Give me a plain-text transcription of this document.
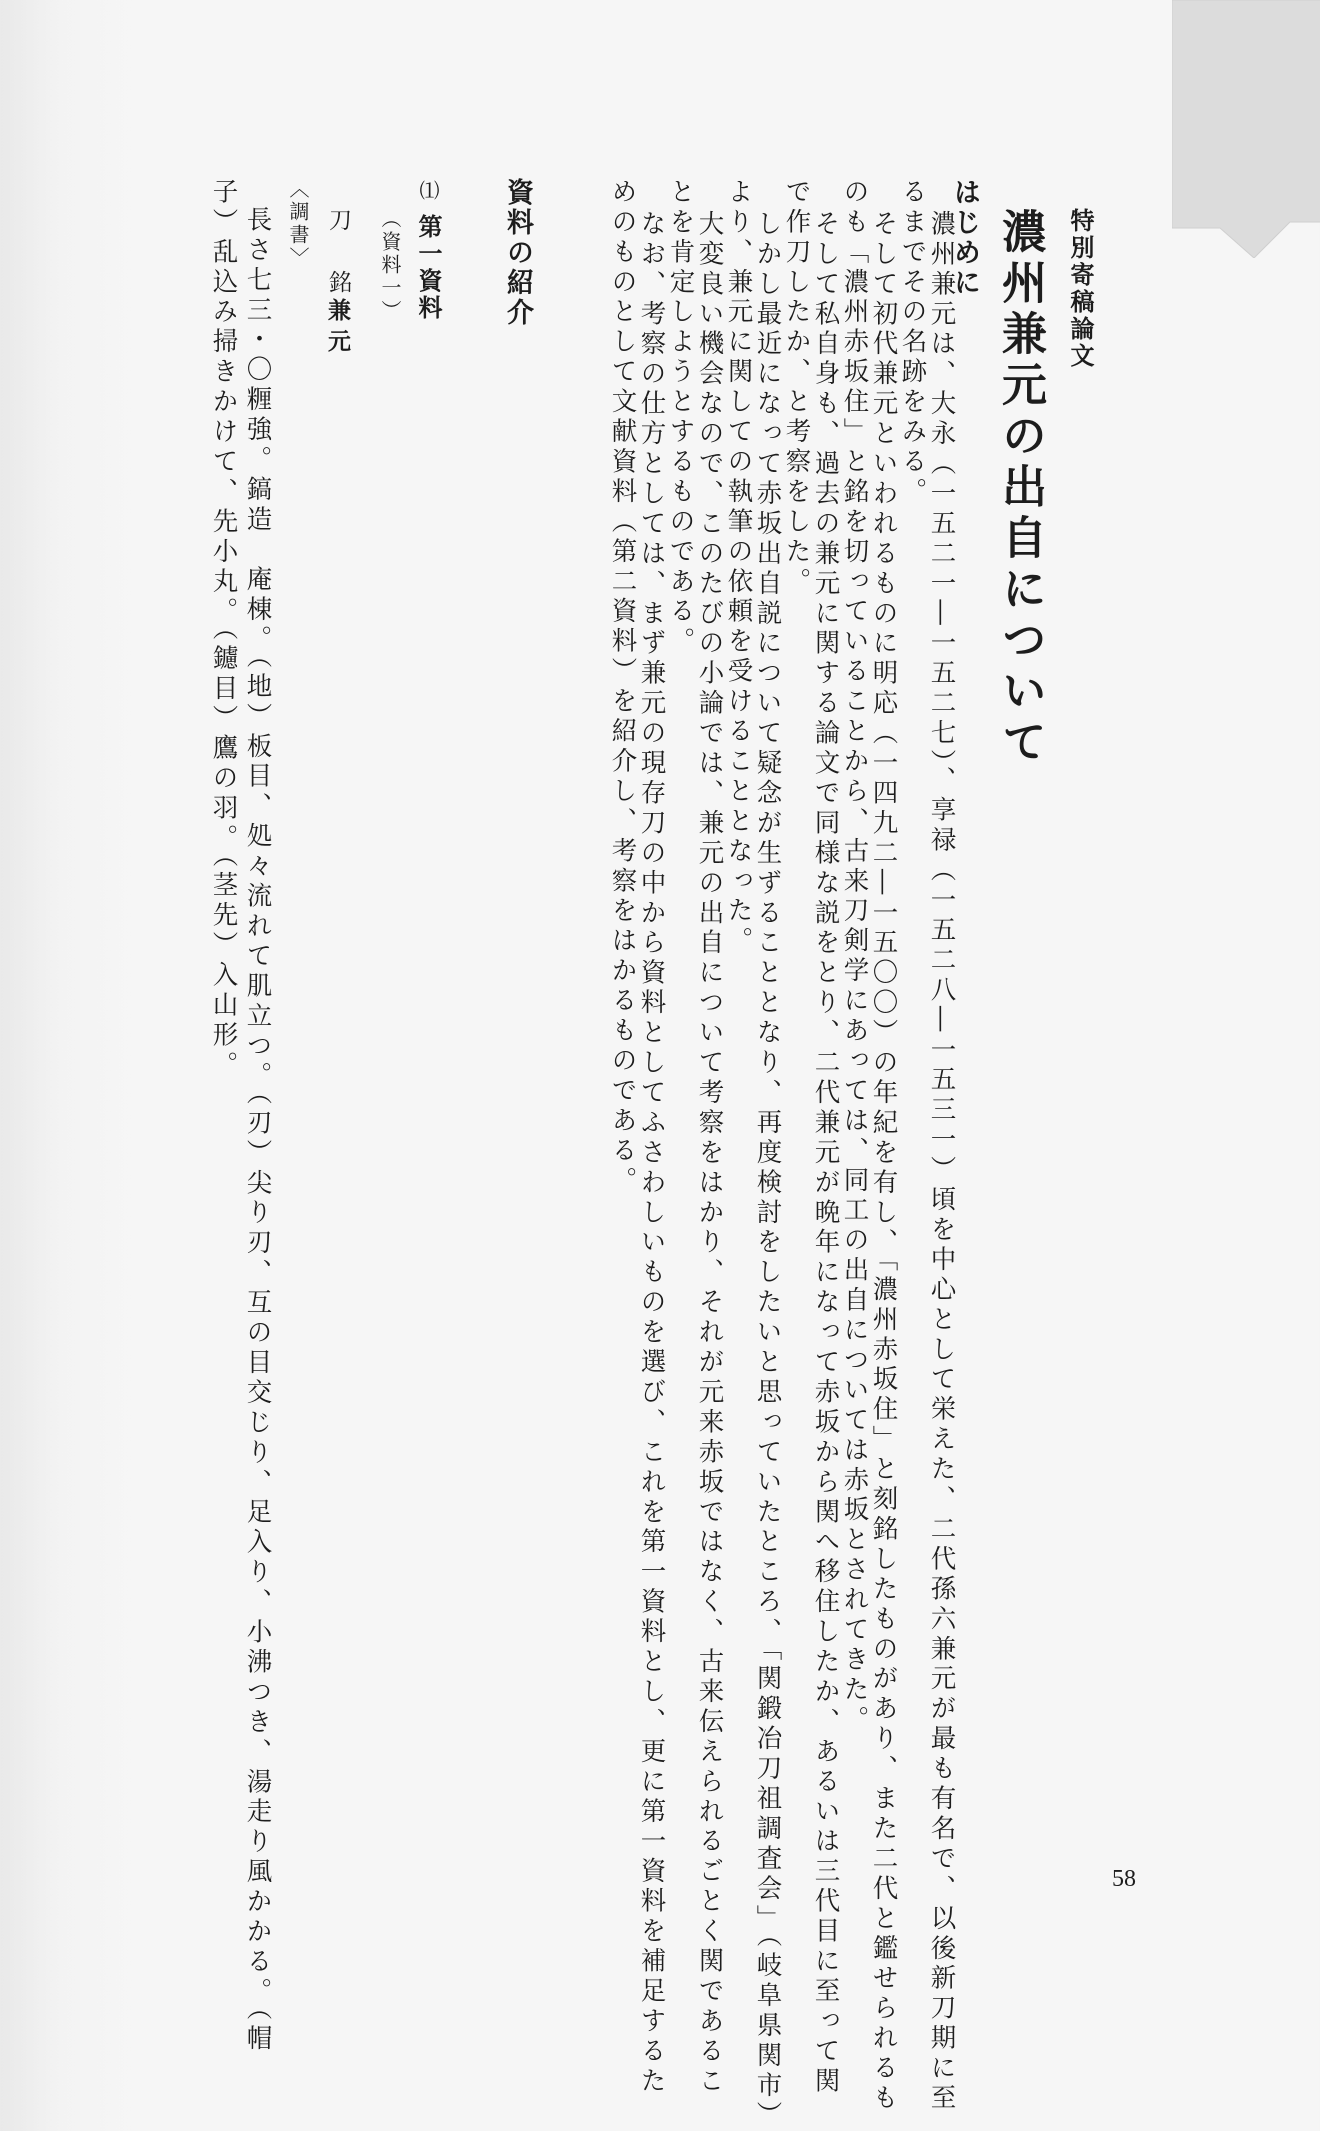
特別寄稿論文
濃州兼元の出自について
はじめに
濃州兼元は、大永（一五二一―一五二七）、享禄（一五二八―一五三一）頃を中心として栄えた、二代孫六兼元が最も有名で、以後新刀期に至
るまでその名跡をみる。
そして初代兼元といわれるものに明応（一四九二―一五〇〇）の年紀を有し、「濃州赤坂住」と刻銘したものがあり、また二代と鑑せられるも
のも「濃州赤坂住」と銘を切っていることから、古来刀剣学にあっては、同工の出自については赤坂とされてきた。
そして私自身も、過去の兼元に関する論文で同様な説をとり、二代兼元が晩年になって赤坂から関へ移住したか、あるいは三代目に至って関
で作刀したか、と考察をした。
しかし最近になって赤坂出自説について疑念が生ずることとなり、再度検討をしたいと思っていたところ、「関鍛冶刀祖調査会」（岐阜県関市）
より、兼元に関しての執筆の依頼を受けることとなった。
大変良い機会なので、このたびの小論では、兼元の出自について考察をはかり、それが元来赤坂ではなく、古来伝えられるごとく関であるこ
とを肯定しようとするものである。
なお、考察の仕方としては、まず兼元の現存刀の中から資料としてふさわしいものを選び、これを第一資料とし、更に第一資料を補足するた
めのものとして文献資料（第二資料）を紹介し、考察をはかるものである。
資料の紹介
⑴
第一資料
（資料一）
刀　銘
兼元
〈調書〉
長さ七三・〇糎強。鎬造　庵棟。（地）板目、処々流れて肌立つ。（刃）尖り刃、互の目交じり、足入り、小沸つき、湯走り風かかる。（帽
子）乱込み掃きかけて、先小丸。（鑢目）鷹の羽。（茎先）入山形。
58
